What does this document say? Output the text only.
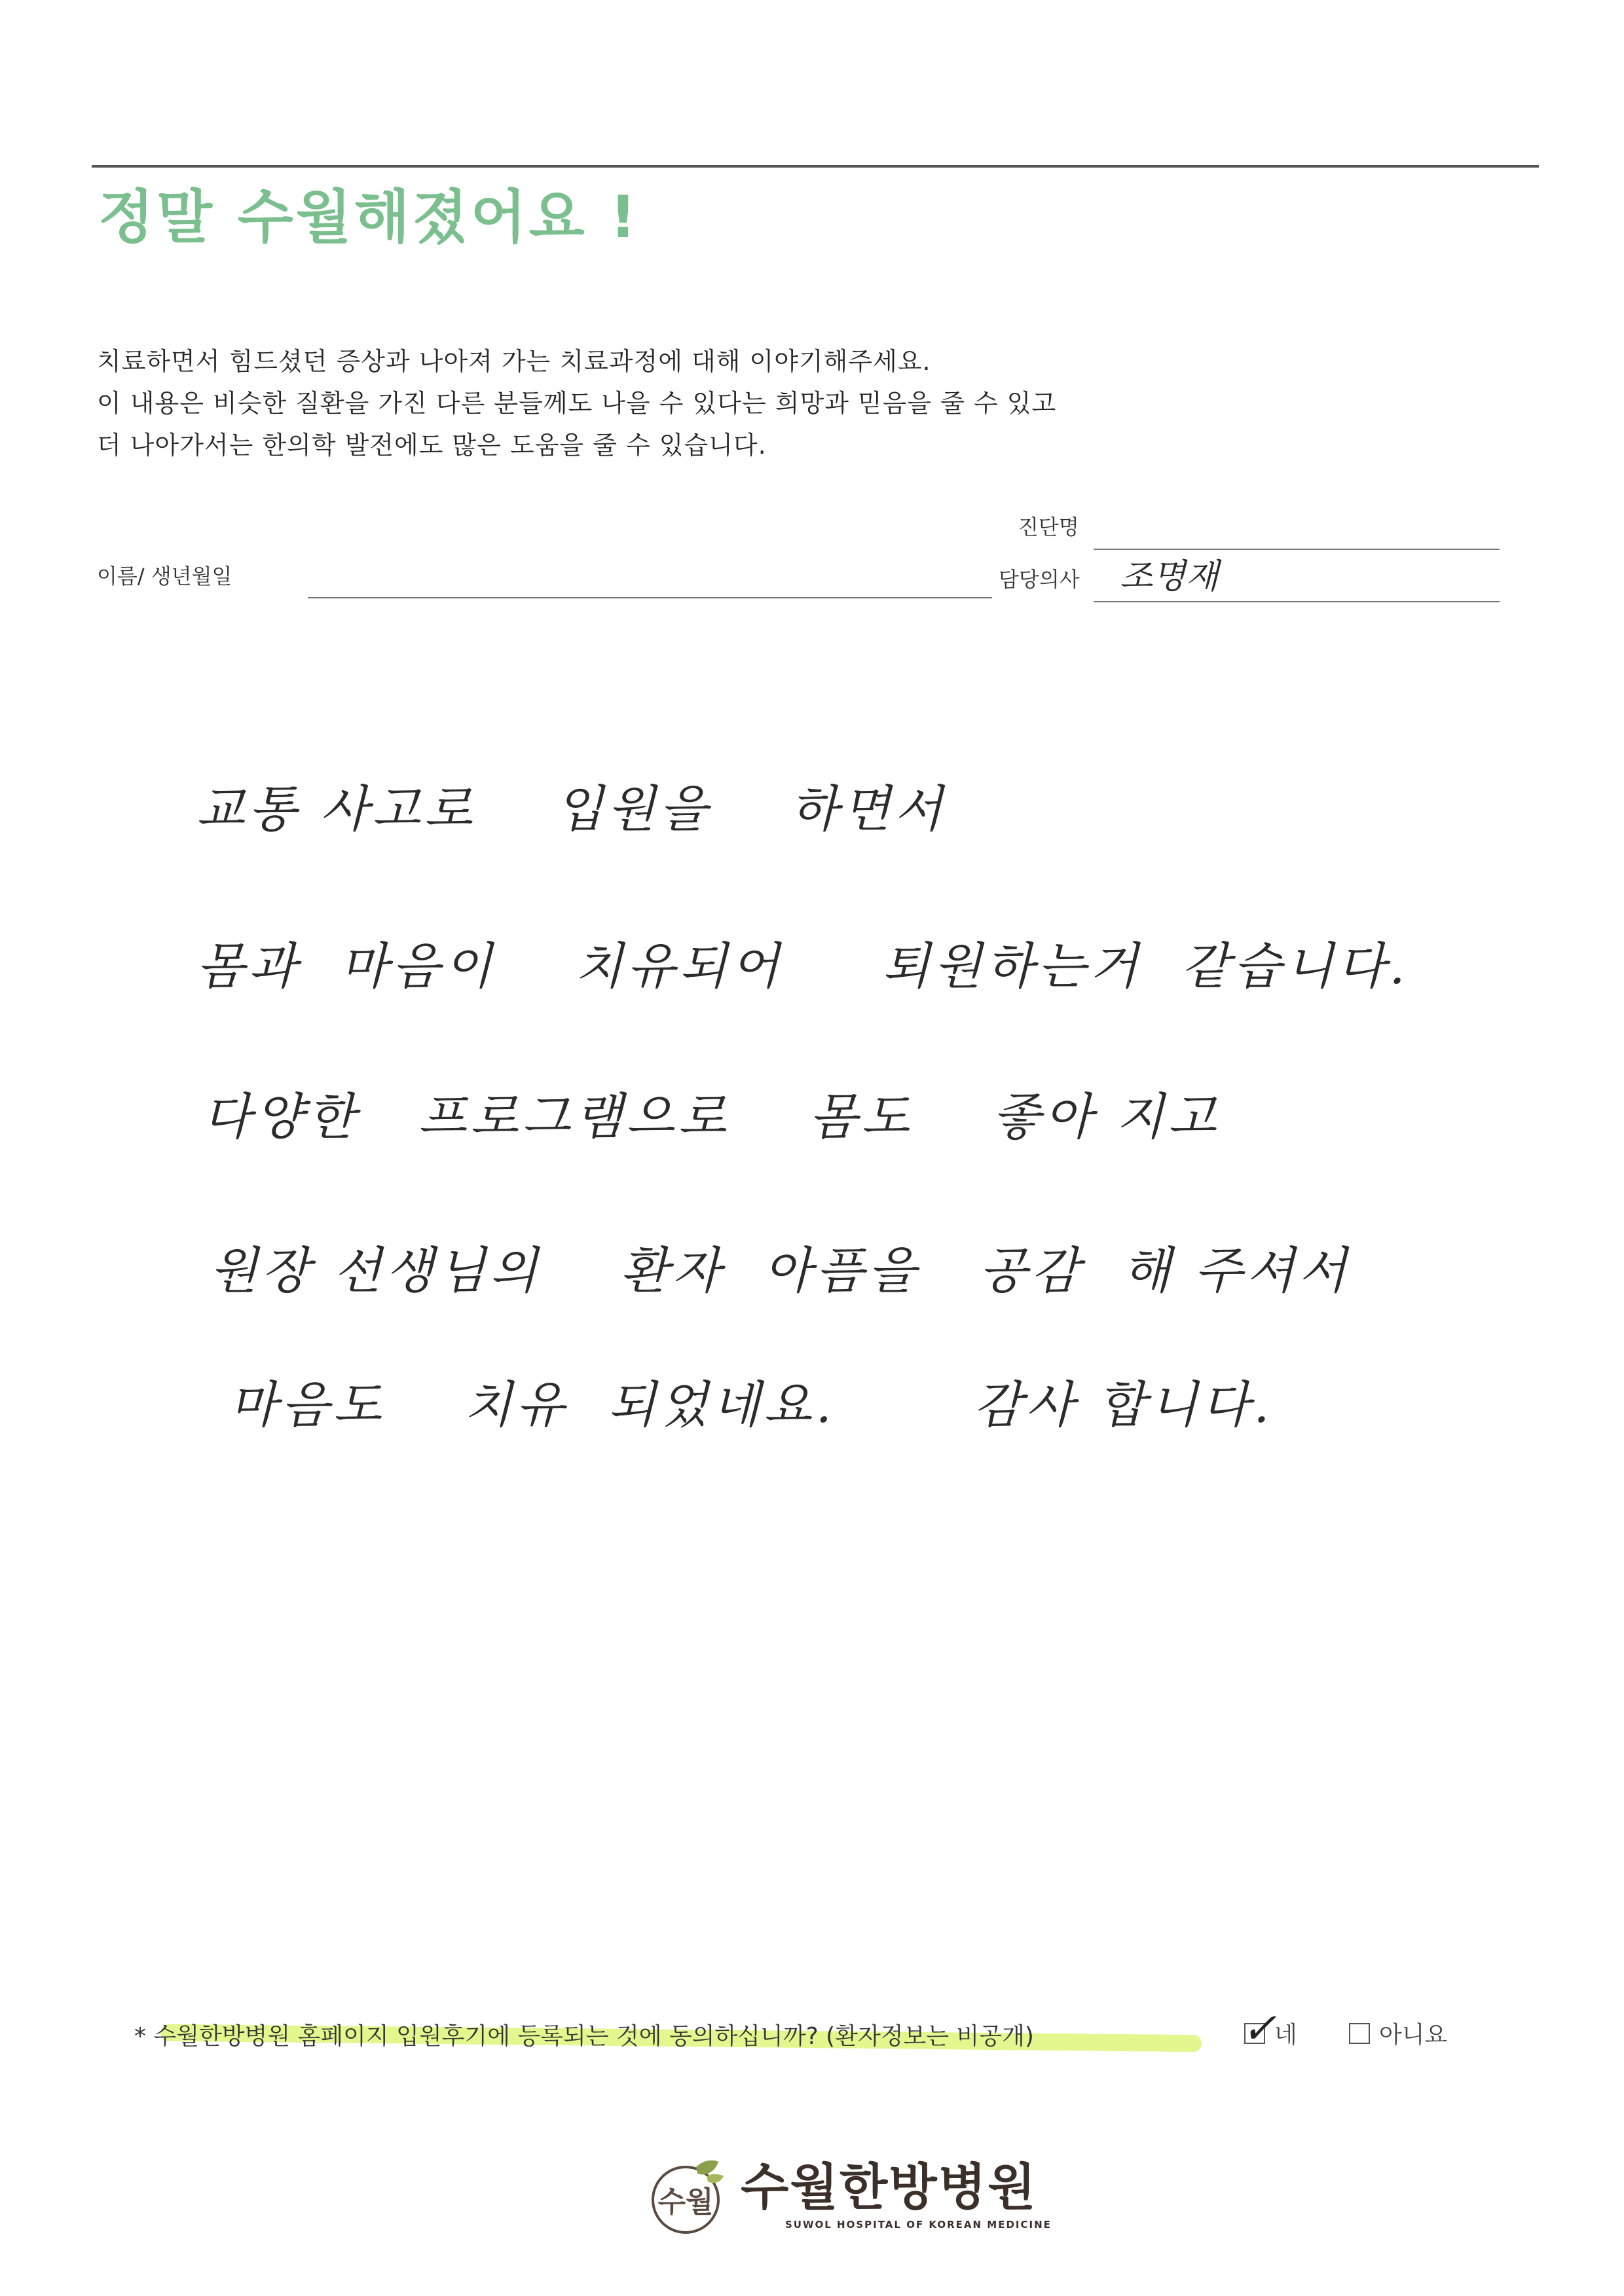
정말 수월해졌어요 !
치료하면서 힘드셨던 증상과 나아져 가는 치료과정에 대해 이야기해주세요.
이 내용은 비슷한 질환을 가진 다른 분들께도 나을 수 있다는 희망과 믿음을 줄 수 있고
더 나아가서는 한의학 발전에도 많은 도움을 줄 수 있습니다.
진단명
이름/ 생년월일	담당의사 조명재
교통 사고로    입원을    하면서
몸과  마음이    치유되어     퇴원하는거  같습니다.
다양한   프로그램으로    몸도    좋아 지고
원장 선생님의    환자  아픔을   공감  해 주셔서
마음도    치유  되었네요.       감사 합니다.
* 수월한방병원 홈페이지 입원후기에 등록되는 것에 동의하십니까? (환자정보는 비공개)	✓
네	아니요
수월 수월한방병원
SUWOL HOSPITAL OF KOREAN MEDICINE
